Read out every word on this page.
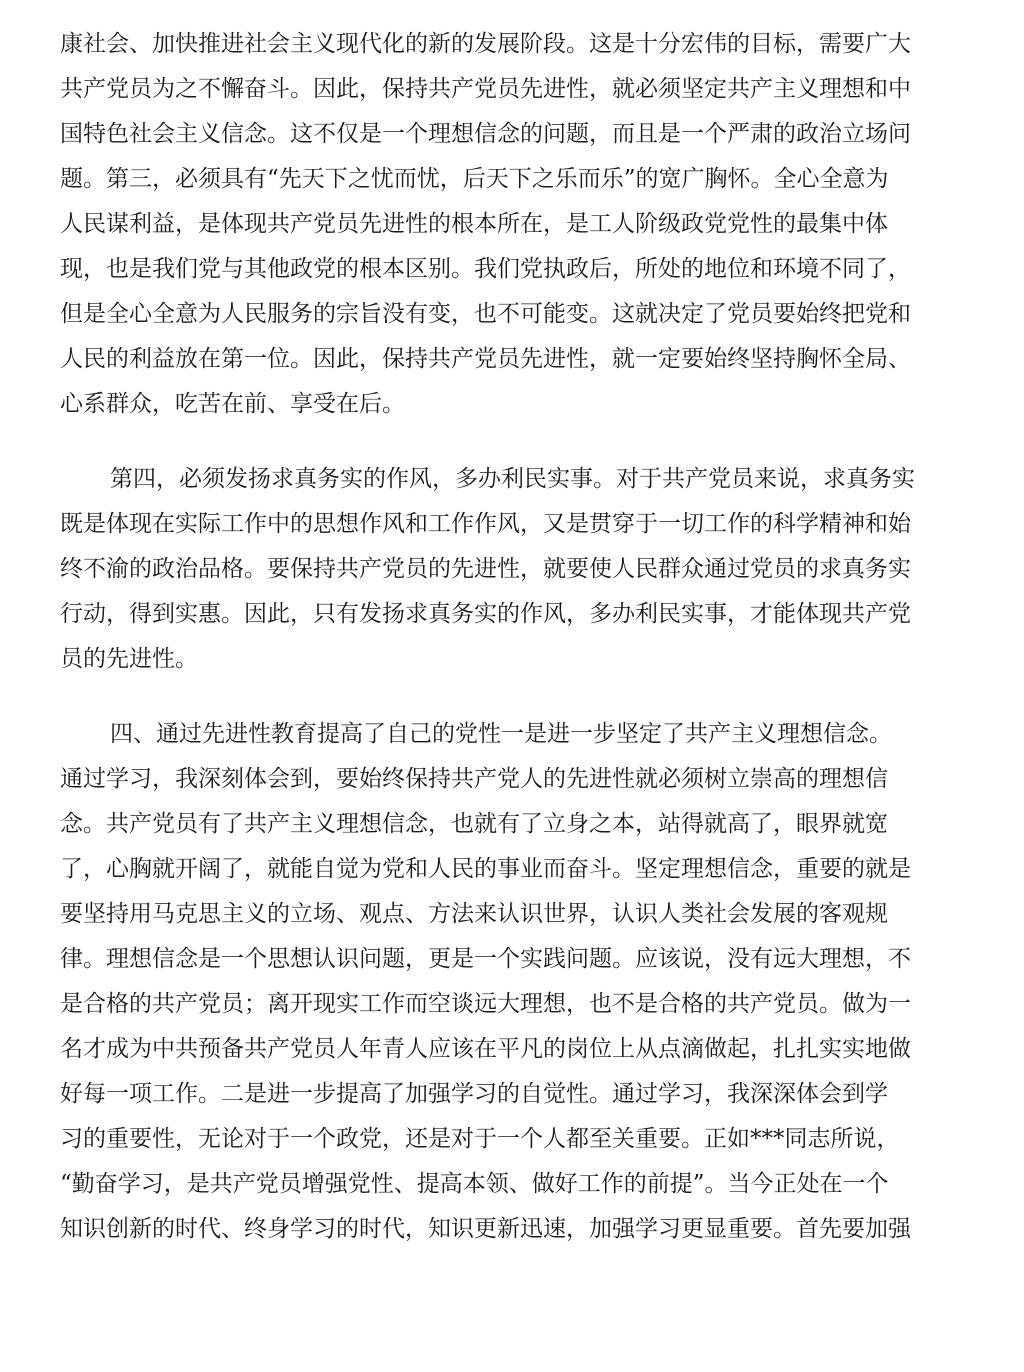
康社会、加快推进社会主义现代化的新的发展阶段。这是十分宏伟的目标，需要广大
共产党员为之不懈奋斗。因此，保持共产党员先进性，就必须坚定共产主义理想和中
国特色社会主义信念。这不仅是一个理想信念的问题，而且是一个严肃的政治立场问
题。第三，必须具有“先天下之忧而忧，后天下之乐而乐”的宽广胸怀。全心全意为
人民谋利益，是体现共产党员先进性的根本所在，是工人阶级政党党性的最集中体
现，也是我们党与其他政党的根本区别。我们党执政后，所处的地位和环境不同了，
但是全心全意为人民服务的宗旨没有变，也不可能变。这就决定了党员要始终把党和
人民的利益放在第一位。因此，保持共产党员先进性，就一定要始终坚持胸怀全局、
心系群众，吃苦在前、享受在后。
第四，必须发扬求真务实的作风，多办利民实事。对于共产党员来说，求真务实
既是体现在实际工作中的思想作风和工作作风，又是贯穿于一切工作的科学精神和始
终不渝的政治品格。要保持共产党员的先进性，就要使人民群众通过党员的求真务实
行动，得到实惠。因此，只有发扬求真务实的作风，多办利民实事，才能体现共产党
员的先进性。
四、通过先进性教育提高了自己的党性一是进一步坚定了共产主义理想信念。
通过学习，我深刻体会到，要始终保持共产党人的先进性就必须树立崇高的理想信
念。共产党员有了共产主义理想信念，也就有了立身之本，站得就高了，眼界就宽
了，心胸就开阔了，就能自觉为党和人民的事业而奋斗。坚定理想信念，重要的就是
要坚持用马克思主义的立场、观点、方法来认识世界，认识人类社会发展的客观规
律。理想信念是一个思想认识问题，更是一个实践问题。应该说，没有远大理想，不
是合格的共产党员；离开现实工作而空谈远大理想，也不是合格的共产党员。做为一
名才成为中共预备共产党员人年青人应该在平凡的岗位上从点滴做起，扎扎实实地做
好每一项工作。二是进一步提高了加强学习的自觉性。通过学习，我深深体会到学
习的重要性，无论对于一个政党，还是对于一个人都至关重要。正如***同志所说，
“勤奋学习，是共产党员增强党性、提高本领、做好工作的前提”。当今正处在一个
知识创新的时代、终身学习的时代，知识更新迅速，加强学习更显重要。首先要加强
